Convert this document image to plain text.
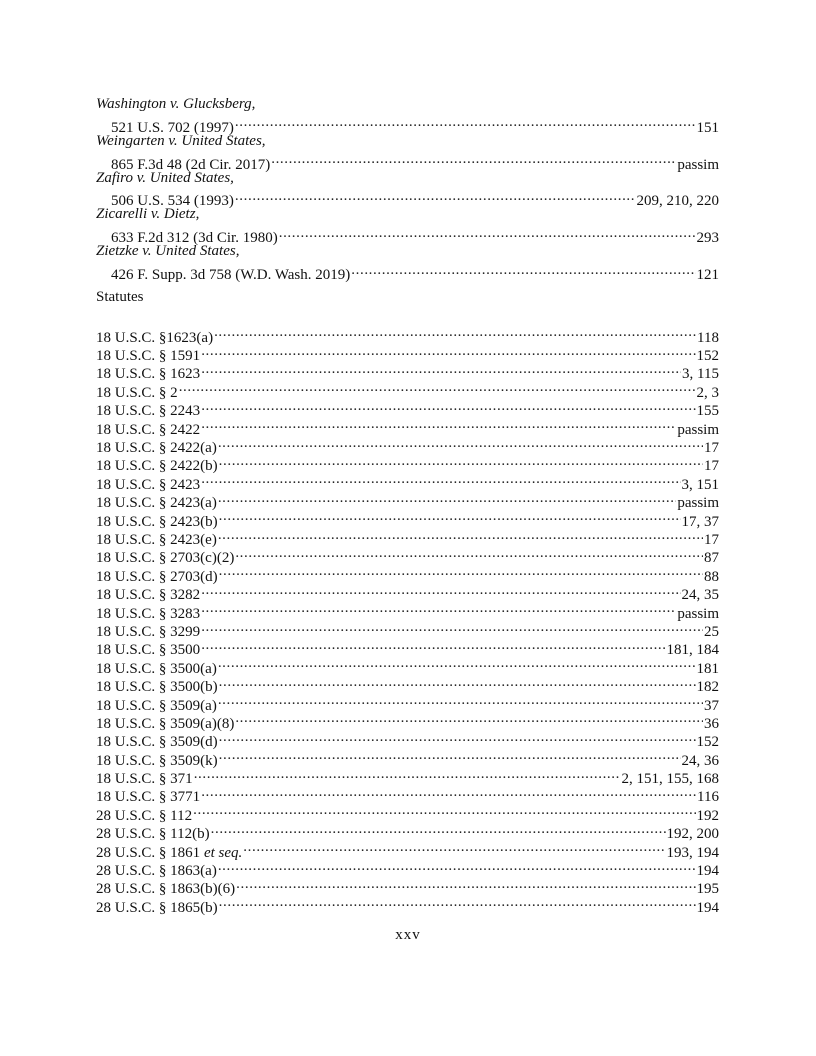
Washington v. Glucksberg,
521 U.S. 702 (1997) .....	151
Weingarten v. United States,
865 F.3d 48 (2d Cir. 2017) .....	passim
Zafiro v. United States,
506 U.S. 534 (1993) .....	209, 210, 220
Zicarelli v. Dietz,
633 F.2d 312 (3d Cir. 1980) .....	293
Zietzke v. United States,
426 F. Supp. 3d 758 (W.D. Wash. 2019) .....	121
Statutes
18 U.S.C. §1623(a) .....	118
18 U.S.C. § 1591 .....	152
18 U.S.C. § 1623 .....	3, 115
18 U.S.C. § 2 .....	2, 3
18 U.S.C. § 2243 .....	155
18 U.S.C. § 2422 .....	passim
18 U.S.C. § 2422(a) .....	17
18 U.S.C. § 2422(b) .....	17
18 U.S.C. § 2423 .....	3, 151
18 U.S.C. § 2423(a) .....	passim
18 U.S.C. § 2423(b) .....	17, 37
18 U.S.C. § 2423(e) .....	17
18 U.S.C. § 2703(c)(2) .....	87
18 U.S.C. § 2703(d) .....	88
18 U.S.C. § 3282 .....	24, 35
18 U.S.C. § 3283 .....	passim
18 U.S.C. § 3299 .....	25
18 U.S.C. § 3500 .....	181, 184
18 U.S.C. § 3500(a) .....	181
18 U.S.C. § 3500(b) .....	182
18 U.S.C. § 3509(a) .....	37
18 U.S.C. § 3509(a)(8) .....	36
18 U.S.C. § 3509(d) .....	152
18 U.S.C. § 3509(k) .....	24, 36
18 U.S.C. § 371 .....	2, 151, 155, 168
18 U.S.C. § 3771 .....	116
28 U.S.C. § 112 .....	192
28 U.S.C. § 112(b) .....	192, 200
28 U.S.C. § 1861 et seq. .....	193, 194
28 U.S.C. § 1863(a) .....	194
28 U.S.C. § 1863(b)(6) .....	195
28 U.S.C. § 1865(b) .....	194
xxv
